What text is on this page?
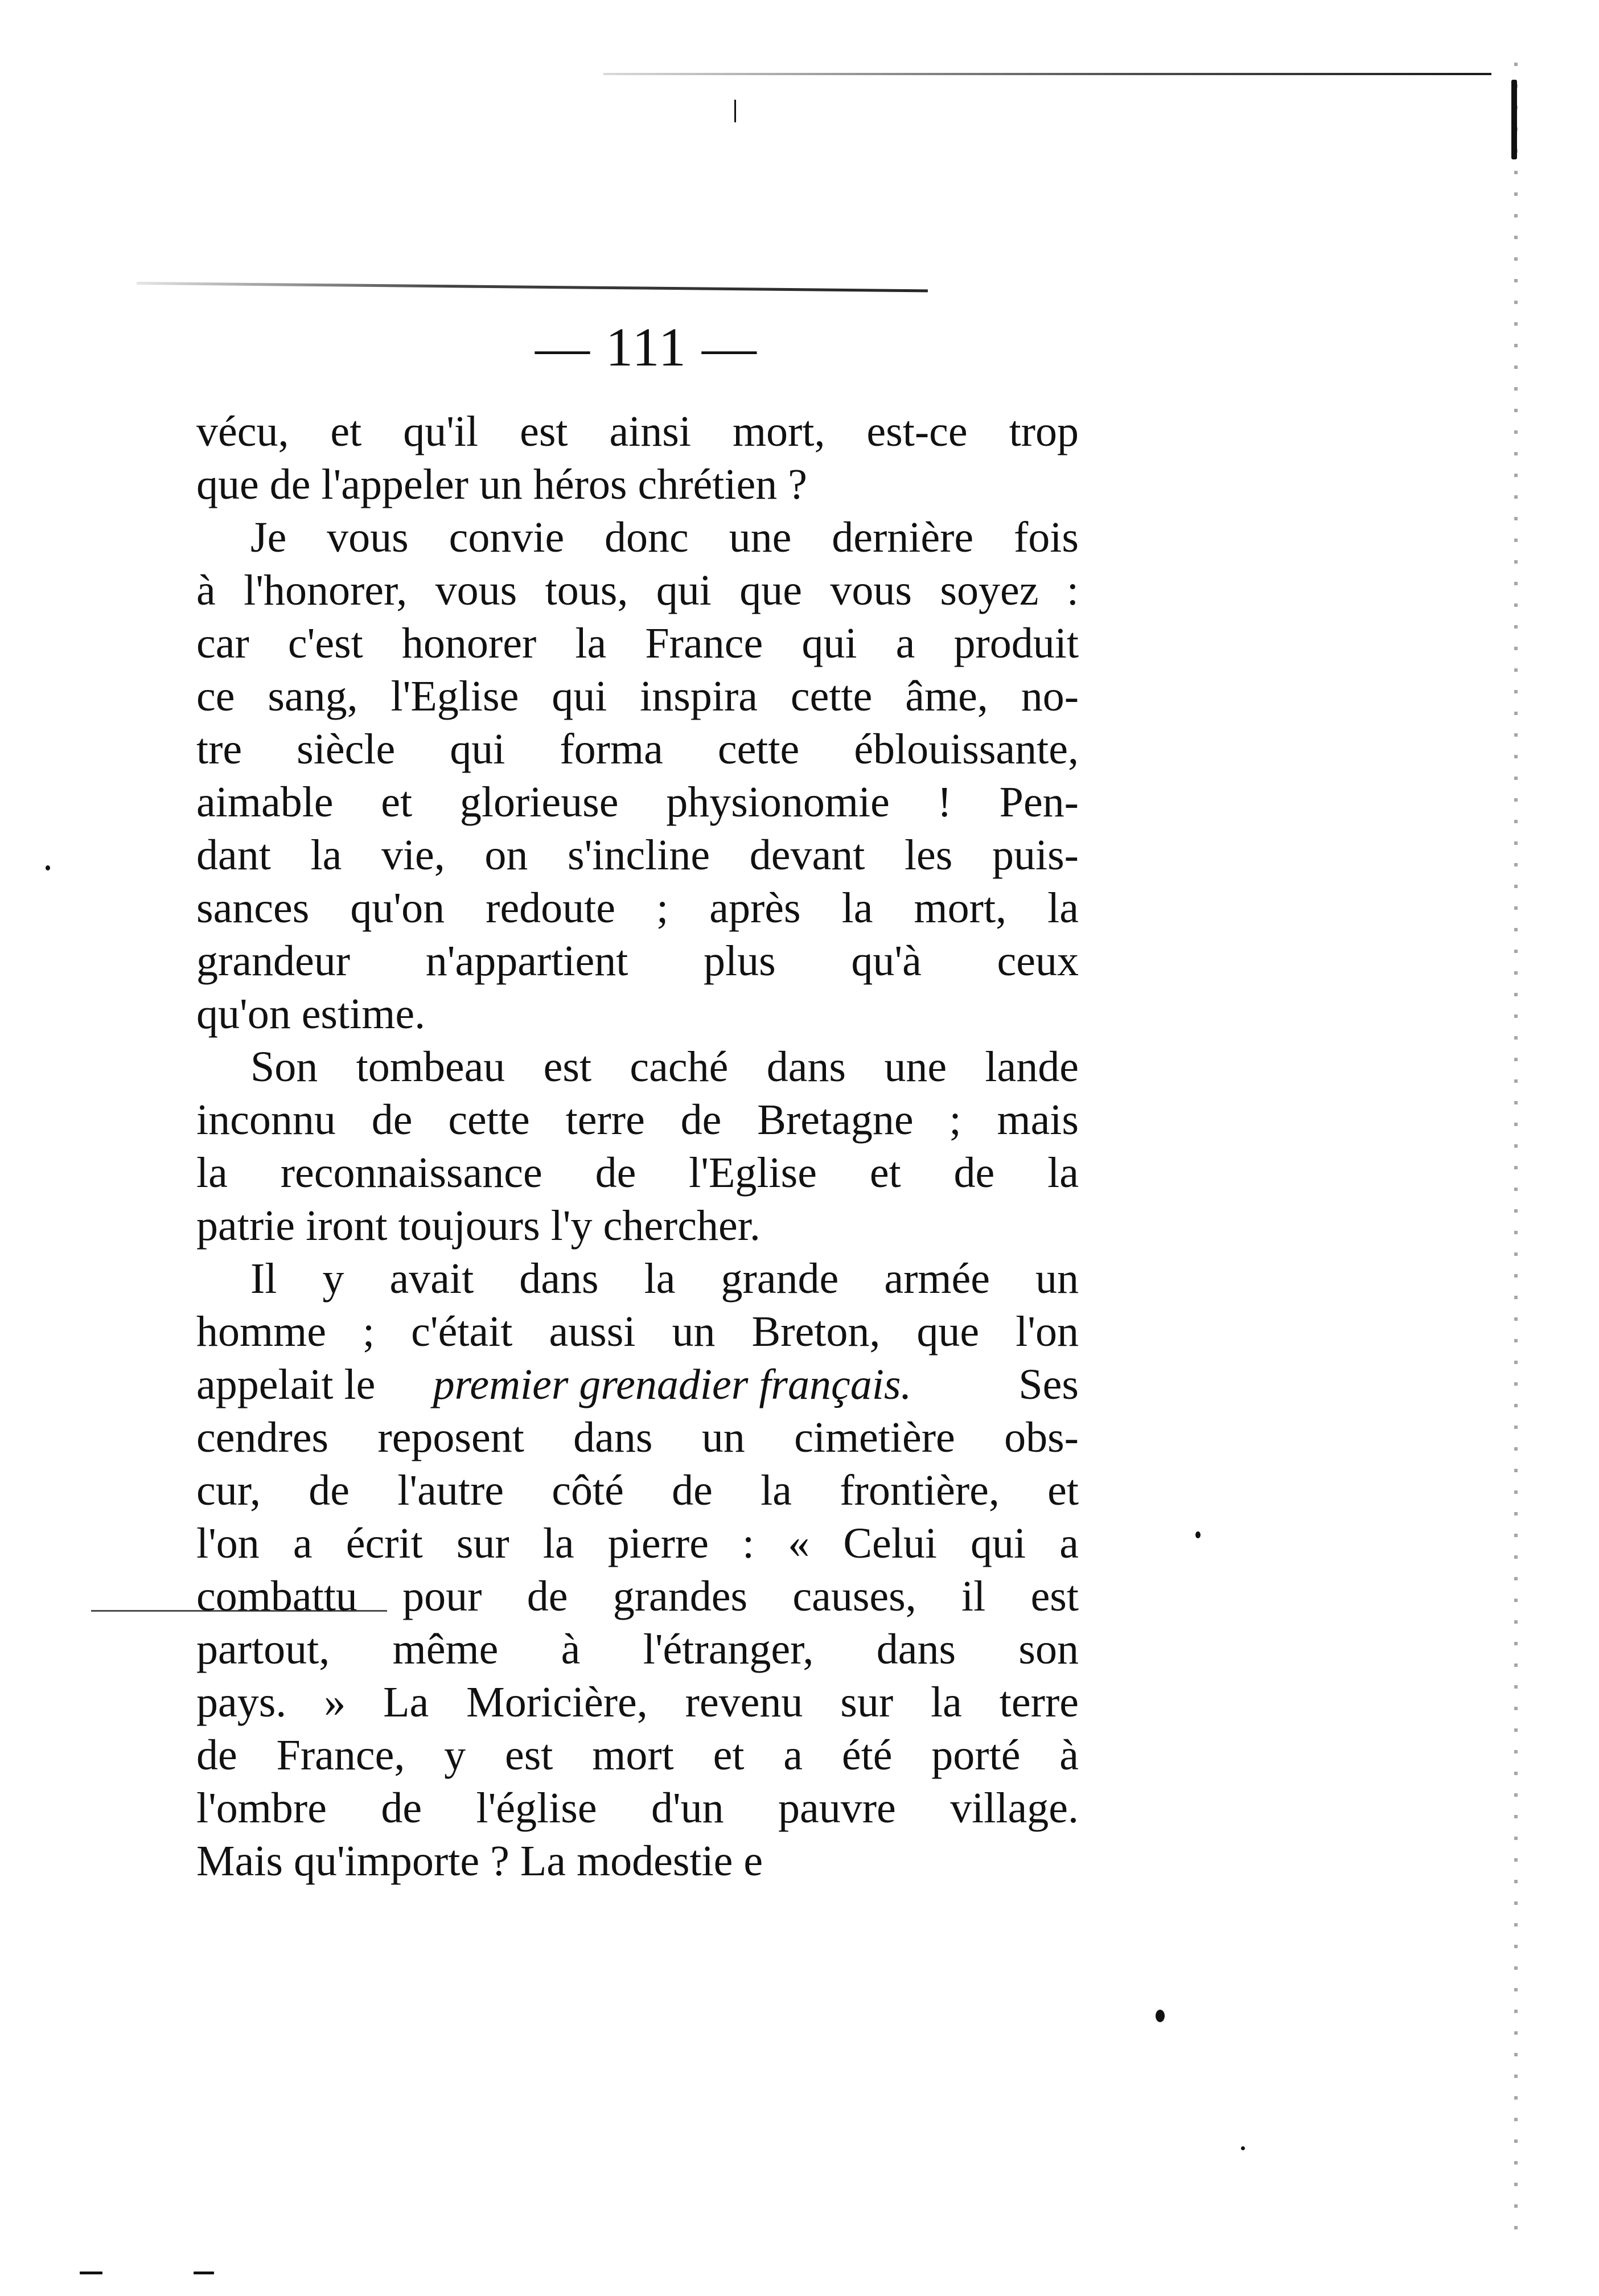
— 111 —
vécu, et qu'il est ainsi mort, est-ce trop
que de l'appeler un héros chrétien ?
Je vous convie donc une dernière fois
à l'honorer, vous tous, qui que vous soyez :
car c'est honorer la France qui a produit
ce sang, l'Eglise qui inspira cette âme, no-
tre siècle qui forma cette éblouissante,
aimable et glorieuse physionomie ! Pen-
dant la vie, on s'incline devant les puis-
sances qu'on redoute ; après la mort, la
grandeur n'appartient plus qu'à ceux
qu'on estime.
Son tombeau est caché dans une lande
inconnu de cette terre de Bretagne ; mais
la reconnaissance de l'Eglise et de la
patrie iront toujours l'y chercher.
Il y avait dans la grande armée un
homme ; c'était aussi un Breton, que l'on
appelait lepremier grenadier français.Ses
cendres reposent dans un cimetière obs-
cur, de l'autre côté de la frontière, et
l'on a écrit sur la pierre : « Celui qui a
combattu pour de grandes causes, il est
partout, même à l'étranger, dans son
pays. » La Moricière, revenu sur la terre
de France, y est mort et a été porté à
l'ombre de l'église d'un pauvre village.
Mais qu'importe ? La modestie e
